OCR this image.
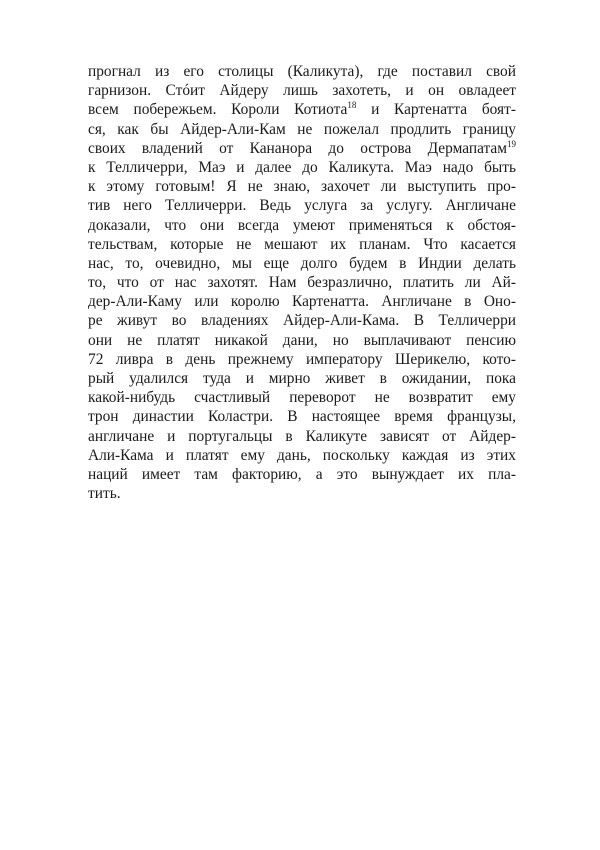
прогнал из его столицы (Каликута), где поставил свой
гарнизон. Стóит Айдеру лишь захотеть, и он овладеет
всем побережьем. Короли Котиота$^{18}$ и Картенатта боят-
ся, как бы Айдер-Али-Кам не пожелал продлить границу
своих владений от Кананора до острова Дермапатам$^{19}$
к Телличерри, Маэ и далее до Каликута. Маэ надо быть
к этому готовым! Я не знаю, захочет ли выступить про-
тив него Телличерри. Ведь услуга за услугу. Англичане
доказали, что они всегда умеют применяться к обстоя-
тельствам, которые не мешают их планам. Что касается
нас, то, очевидно, мы еще долго будем в Индии делать
то, что от нас захотят. Нам безразлично, платить ли Ай-
дер-Али-Каму или королю Картенатта. Англичане в Оно-
ре живут во владениях Айдер-Али-Кама. В Телличерри
они не платят никакой дани, но выплачивают пенсию
72 ливра в день прежнему императору Шерикелю, кото-
рый удалился туда и мирно живет в ожидании, пока
какой-нибудь счастливый переворот не возвратит ему
трон династии Колaстри. В настоящее время французы,
англичане и португальцы в Каликуте зависят от Айдер-
Али-Кама и платят ему дань, поскольку каждая из этих
наций имеет там факторию, а это вынуждает их пла-
тить.
